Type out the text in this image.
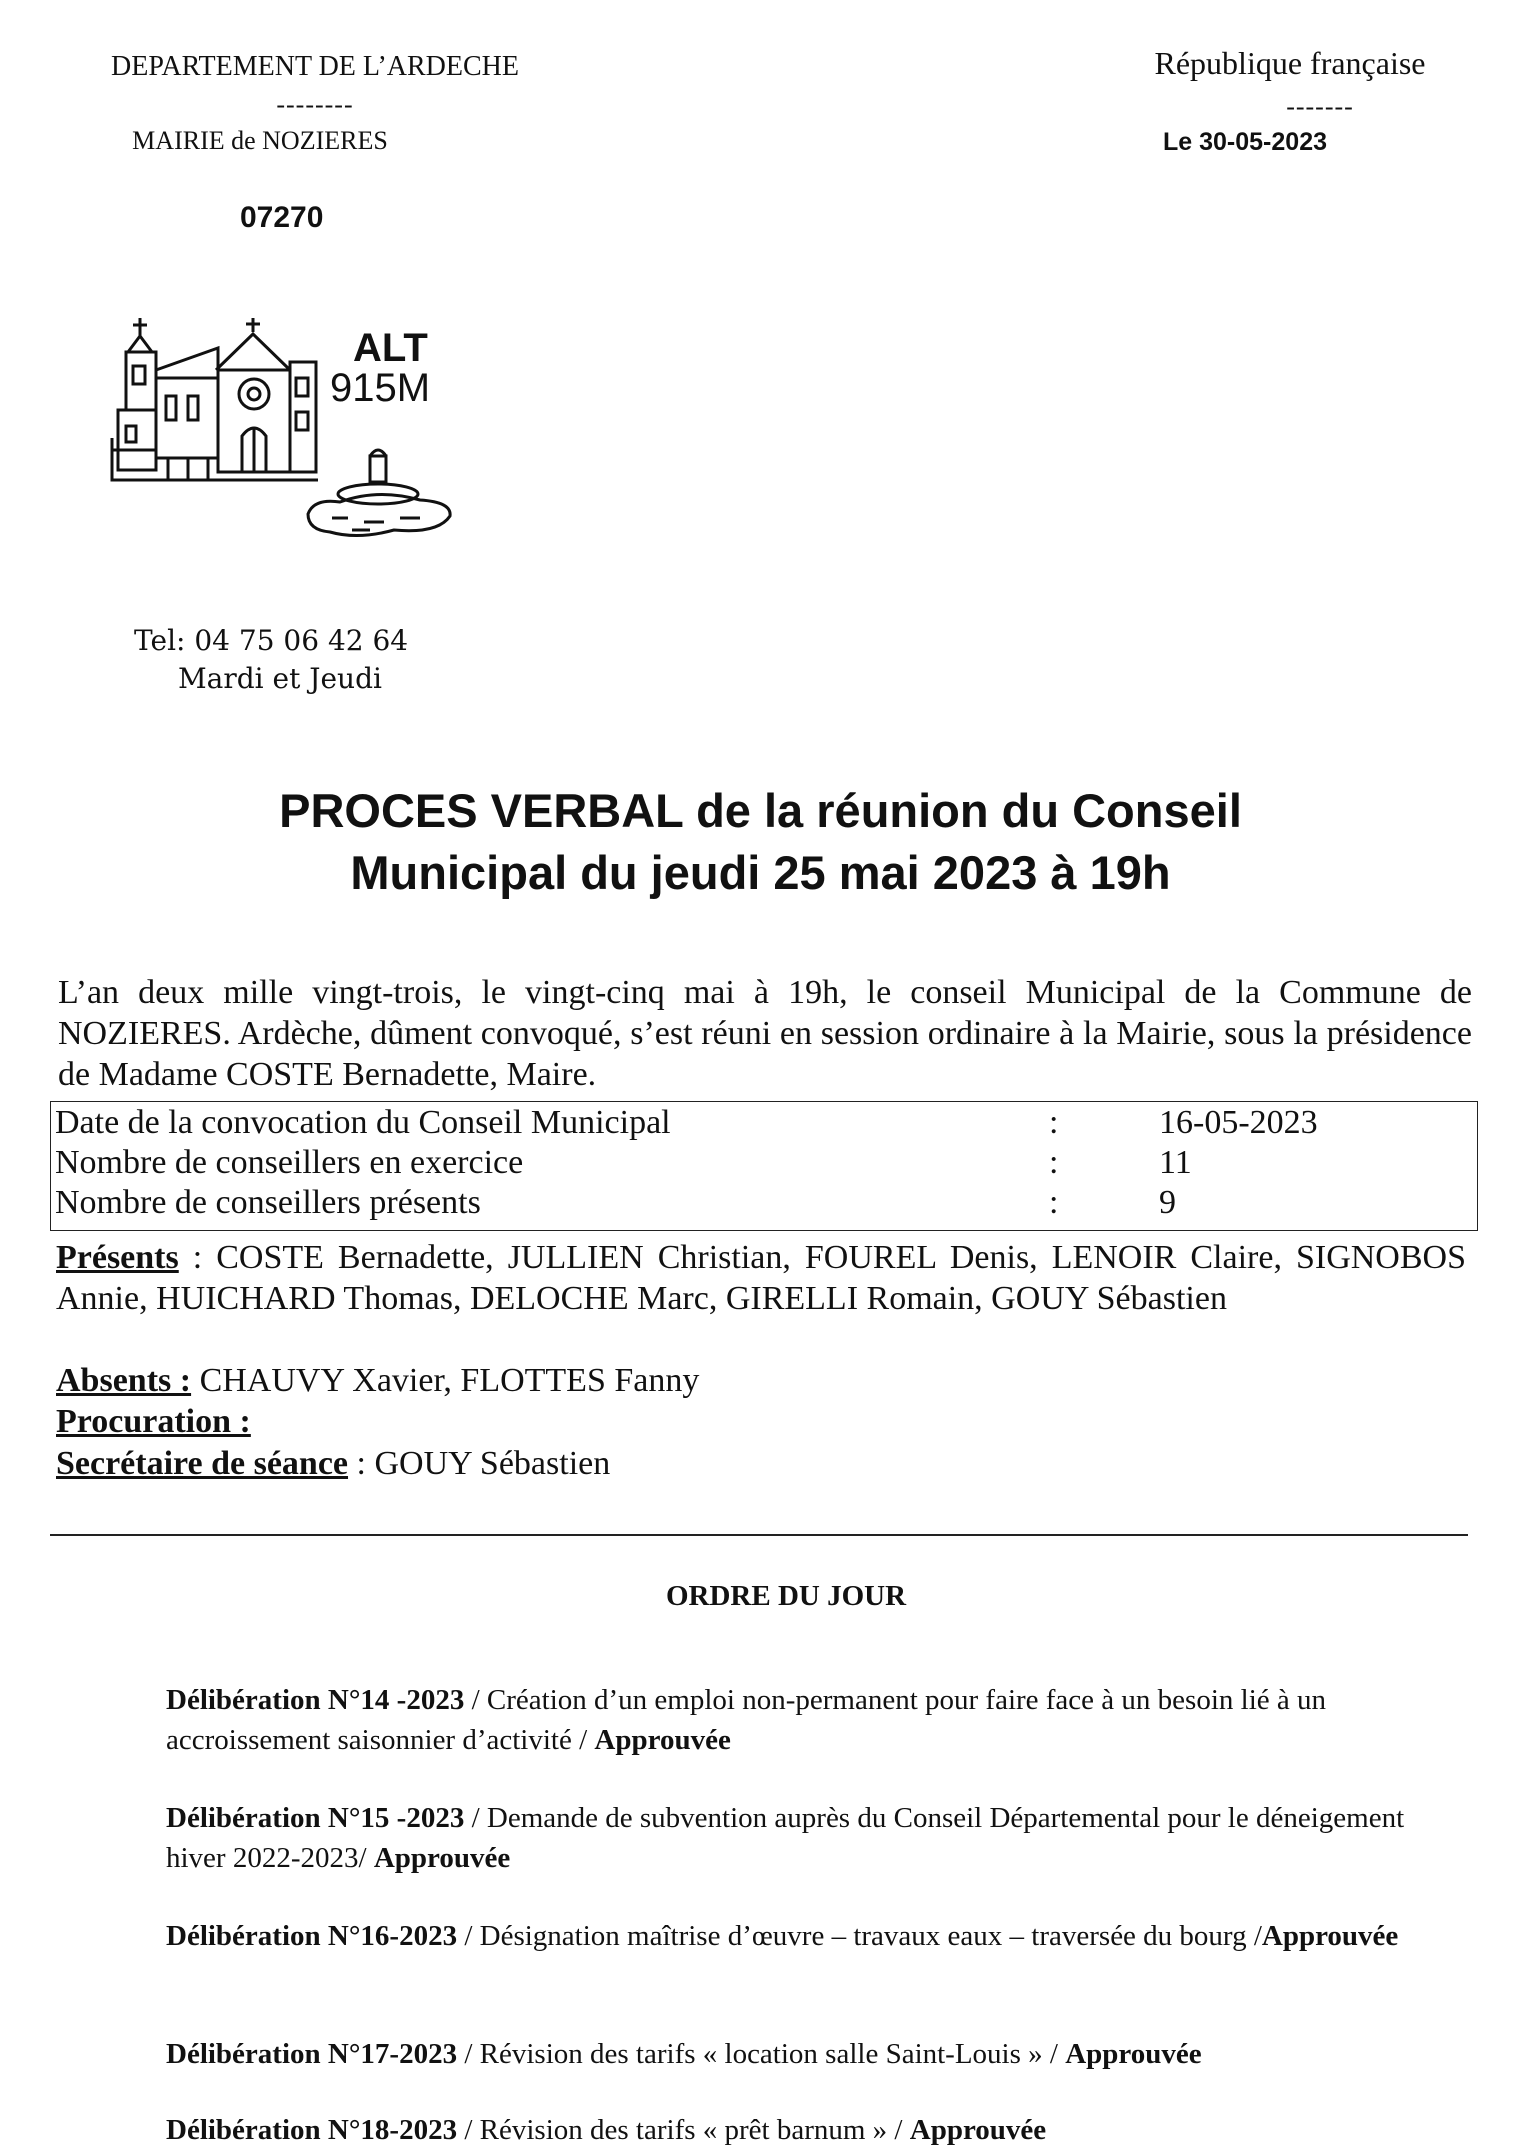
DEPARTEMENT DE L’ARDECHE
--------
MAIRIE de NOZIERES
07270
République française
-------
Le 30-05-2023
ALT
915M
Tel: 04 75 06 42 64
Mardi et Jeudi
PROCES VERBAL de la réunion du Conseil
Municipal du jeudi 25 mai 2023 à 19h
L’an deux mille vingt-trois, le vingt-cinq mai à 19h, le conseil Municipal de la Commune de NOZIERES. Ardèche, dûment convoqué, s’est réuni en session ordinaire à la Mairie, sous la présidence de Madame COSTE Bernadette, Maire.
Date de la convocation du Conseil Municipal	:	16-05-2023
Nombre de conseillers en exercice	:	11
Nombre de conseillers présents	:	9
Présents : COSTE Bernadette, JULLIEN Christian, FOUREL Denis, LENOIR Claire, SIGNOBOS Annie, HUICHARD Thomas, DELOCHE Marc, GIRELLI Romain, GOUY Sébastien
Absents : CHAUVY Xavier, FLOTTES Fanny
Procuration :
Secrétaire de séance : GOUY Sébastien
ORDRE DU JOUR
Délibération N°14 -2023 / Création d’un emploi non-permanent pour faire face à un besoin lié à un accroissement saisonnier d’activité / Approuvée
Délibération N°15 -2023 / Demande de subvention auprès du Conseil Départemental pour le déneigement hiver 2022-2023/ Approuvée
Délibération N°16-2023 / Désignation maîtrise d’œuvre – travaux eaux – traversée du bourg /Approuvée
Délibération N°17-2023 / Révision des tarifs « location salle Saint-Louis » / Approuvée
Délibération N°18-2023 / Révision des tarifs « prêt barnum » / Approuvée
